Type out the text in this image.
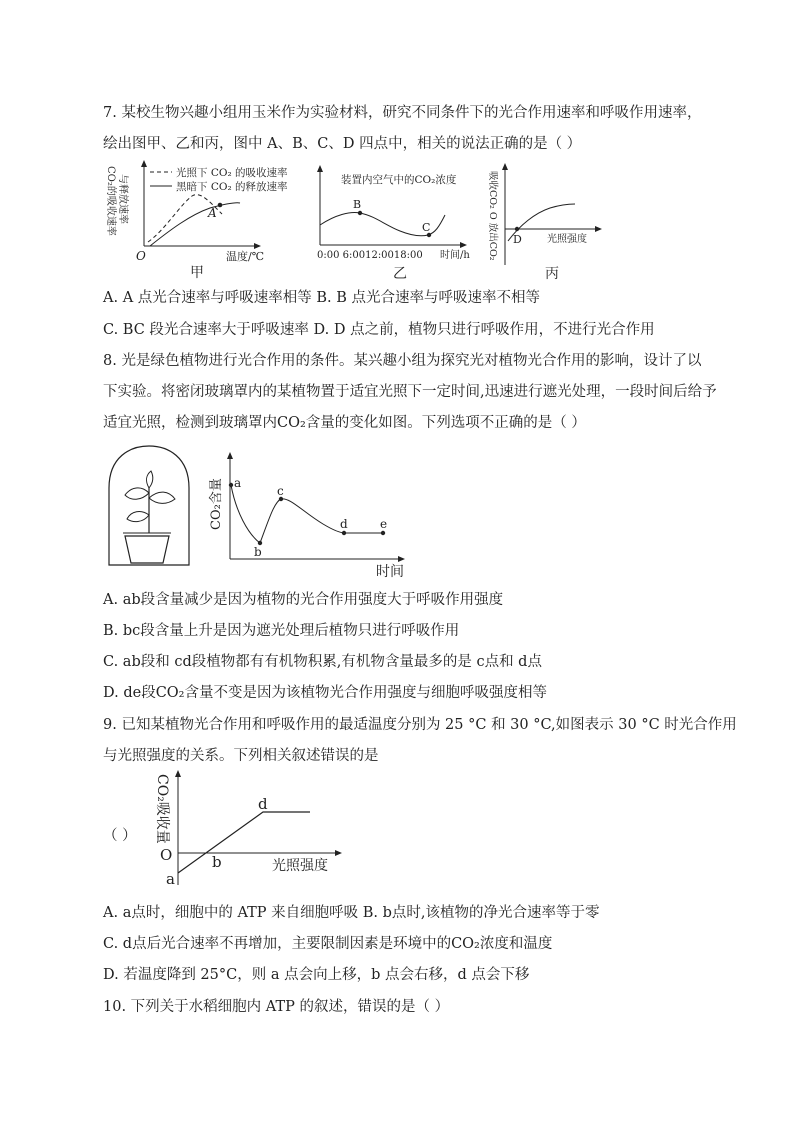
7. 某校生物兴趣小组用玉米作为实验材料，研究不同条件下的光合作用速率和呼吸作用速率，
绘出图甲、乙和丙，图中 A、B、C、D 四点中，相关的说法正确的是（ ）
CO₂的吸收速率 与释放速率
光照下 CO₂ 的吸收速率
黑暗下 CO₂ 的释放速率
A
O	温度/℃
甲
装置内空气中的CO₂浓度
B
C
0:00 6:0012:0018:00 时间/h
乙
吸收CO₂ O 放出CO₂ D	光照强度
丙
A. A 点光合速率与呼吸速率相等 B. B 点光合速率与呼吸速率不相等
C. BC 段光合速率大于呼吸速率 D. D 点之前，植物只进行呼吸作用，不进行光合作用
8. 光是绿色植物进行光合作用的条件。某兴趣小组为探究光对植物光合作用的影响，设计了以
下实验。将密闭玻璃罩内的某植物置于适宜光照下一定时间,迅速进行遮光处理，一段时间后给予
适宜光照，检测到玻璃罩内CO₂含量的变化如图。下列选项不正确的是（ ）
CO₂含量 a
b
c
d	e
时间
A. ab段含量减少是因为植物的光合作用强度大于呼吸作用强度
B. bc段含量上升是因为遮光处理后植物只进行呼吸作用
C. ab段和 cd段植物都有有机物积累,有机物含量最多的是 c点和 d点
D. de段CO₂含量不变是因为该植物光合作用强度与细胞呼吸强度相等
9. 已知某植物光合作用和呼吸作用的最适温度分别为 25 °C 和 30 °C,如图表示 30 °C 时光合作用
与光照强度的关系。下列相关叙述错误的是
（ ） CO₂吸收量
O
a
b
d
光照强度
A. a点时，细胞中的 ATP 来自细胞呼吸 B. b点时,该植物的净光合速率等于零
C. d点后光合速率不再增加，主要限制因素是环境中的CO₂浓度和温度
D. 若温度降到 25°C，则 a 点会向上移，b 点会右移，d 点会下移
10. 下列关于水稻细胞内 ATP 的叙述，错误的是（ ）
